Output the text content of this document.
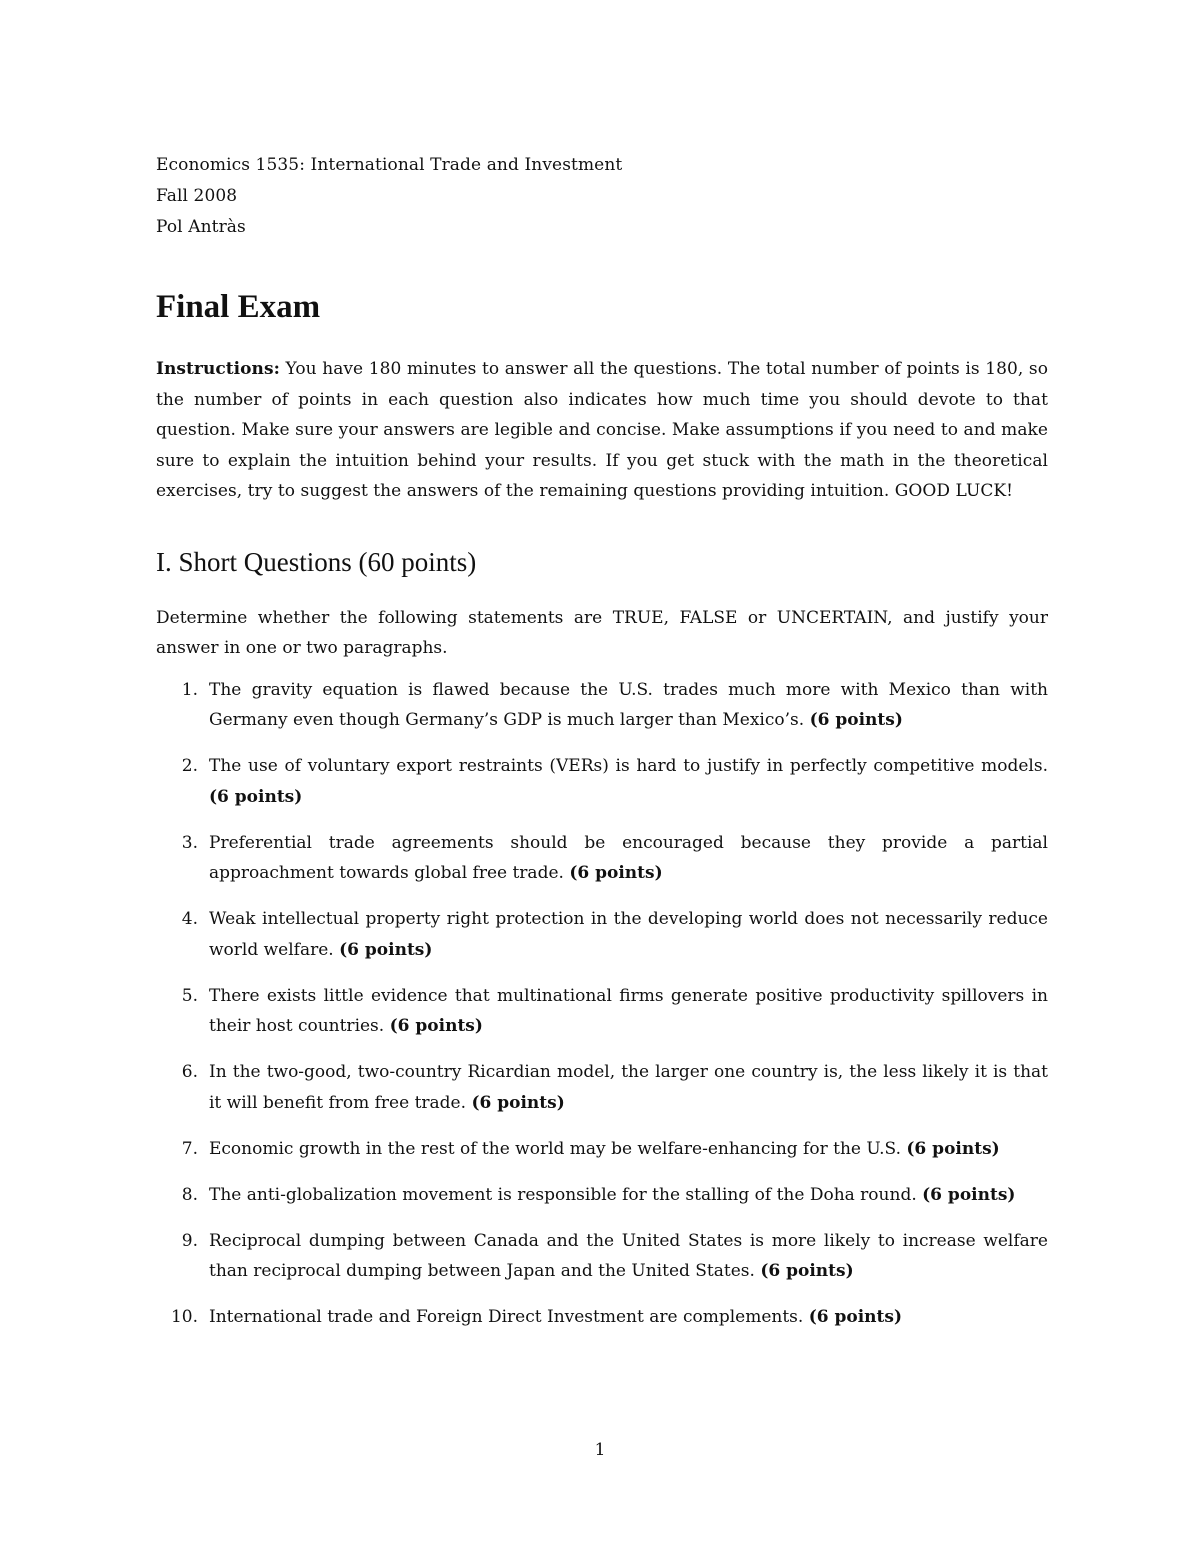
Economics 1535: International Trade and Investment
Fall 2008
Pol Antràs
Final Exam
Instructions: You have 180 minutes to answer all the questions. The total number of points is 180, so the number of points in each question also indicates how much time you should devote to that question. Make sure your answers are legible and concise. Make assumptions if you need to and make sure to explain the intuition behind your results. If you get stuck with the math in the theoretical exercises, try to suggest the answers of the remaining questions providing intuition. GOOD LUCK!
I. Short Questions (60 points)
Determine whether the following statements are TRUE, FALSE or UNCERTAIN, and justify your answer in one or two paragraphs.
1. The gravity equation is flawed because the U.S. trades much more with Mexico than with Germany even though Germany’s GDP is much larger than Mexico’s. (6 points)
2. The use of voluntary export restraints (VERs) is hard to justify in perfectly competitive models. (6 points)
3. Preferential trade agreements should be encouraged because they provide a partial approachment towards global free trade. (6 points)
4. Weak intellectual property right protection in the developing world does not necessarily reduce world welfare. (6 points)
5. There exists little evidence that multinational firms generate positive productivity spillovers in their host countries. (6 points)
6. In the two-good, two-country Ricardian model, the larger one country is, the less likely it is that it will benefit from free trade. (6 points)
7. Economic growth in the rest of the world may be welfare-enhancing for the U.S. (6 points)
8. The anti-globalization movement is responsible for the stalling of the Doha round. (6 points)
9. Reciprocal dumping between Canada and the United States is more likely to increase welfare than reciprocal dumping between Japan and the United States. (6 points)
10. International trade and Foreign Direct Investment are complements. (6 points)
1
